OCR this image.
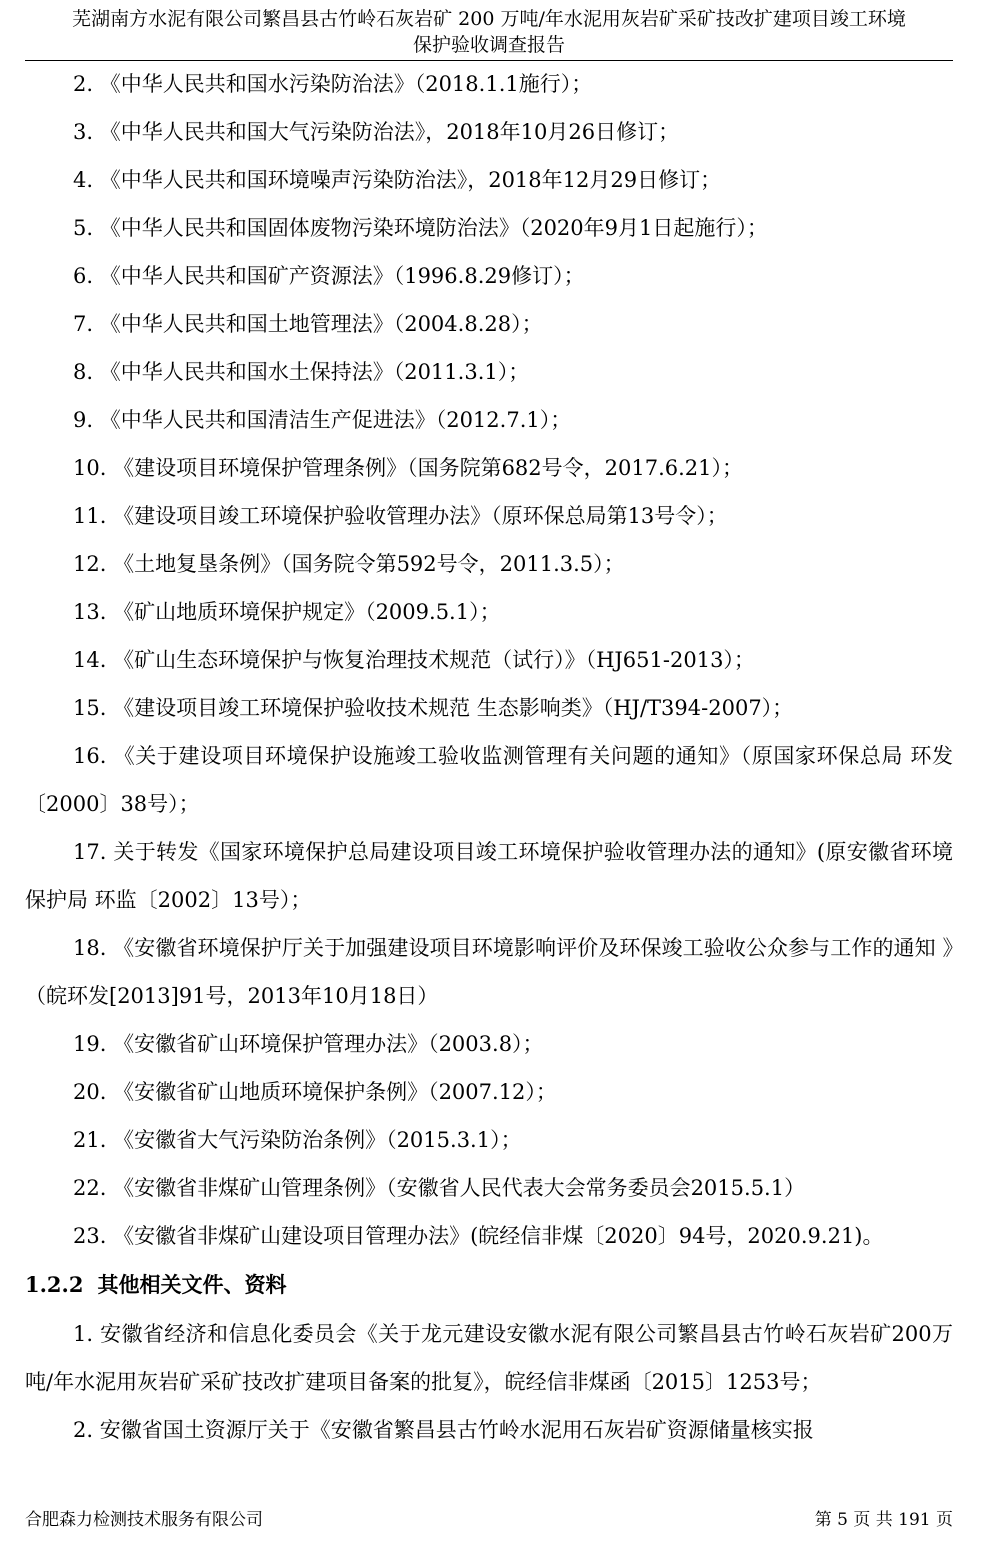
芜湖南方水泥有限公司繁昌县古竹岭石灰岩矿 200 万吨/年水泥用灰岩矿采矿技改扩建项目竣工环境
保护验收调查报告

2. 《中华人民共和国水污染防治法》（2018.1.1施行）；

3. 《中华人民共和国大气污染防治法》，2018年10月26日修订；

4. 《中华人民共和国环境噪声污染防治法》，2018年12月29日修订；

5. 《中华人民共和国固体废物污染环境防治法》（2020年9月1日起施行）；

6. 《中华人民共和国矿产资源法》（1996.8.29修订）；

7. 《中华人民共和国土地管理法》（2004.8.28）；

8. 《中华人民共和国水土保持法》（2011.3.1）；

9. 《中华人民共和国清洁生产促进法》（2012.7.1）；

10. 《建设项目环境保护管理条例》（国务院第682号令，2017.6.21）；

11. 《建设项目竣工环境保护验收管理办法》（原环保总局第13号令）；

12. 《土地复垦条例》（国务院令第592号令，2011.3.5）；

13. 《矿山地质环境保护规定》（2009.5.1）；

14. 《矿山生态环境保护与恢复治理技术规范（试行）》（HJ651-2013）；

15. 《建设项目竣工环境保护验收技术规范 生态影响类》（HJ/T394-2007）；

16. 《关于建设项目环境保护设施竣工验收监测管理有关问题的通知》（原国家环保总局 环发〔2000〕38号）；

17. 关于转发《国家环境保护总局建设项目竣工环境保护验收管理办法的通知》(原安徽省环境保护局 环监〔2002〕13号）；

18. 《安徽省环境保护厅关于加强建设项目环境影响评价及环保竣工验收公众参与工作的通知 》（皖环发[2013]91号，2013年10月18日）

19. 《安徽省矿山环境保护管理办法》（2003.8）；

20. 《安徽省矿山地质环境保护条例》（2007.12）；

21. 《安徽省大气污染防治条例》（2015.3.1）；

22. 《安徽省非煤矿山管理条例》（安徽省人民代表大会常务委员会2015.5.1）

23. 《安徽省非煤矿山建设项目管理办法》(皖经信非煤〔2020〕94号，2020.9.21)。

1.2.2 其他相关文件、资料

1. 安徽省经济和信息化委员会《关于龙元建设安徽水泥有限公司繁昌县古竹岭石灰岩矿200万吨/年水泥用灰岩矿采矿技改扩建项目备案的批复》，皖经信非煤函〔2015〕1253号；

2. 安徽省国土资源厅关于《安徽省繁昌县古竹岭水泥用石灰岩矿资源储量核实报

合肥森力检测技术服务有限公司	第 5 页 共 191 页
